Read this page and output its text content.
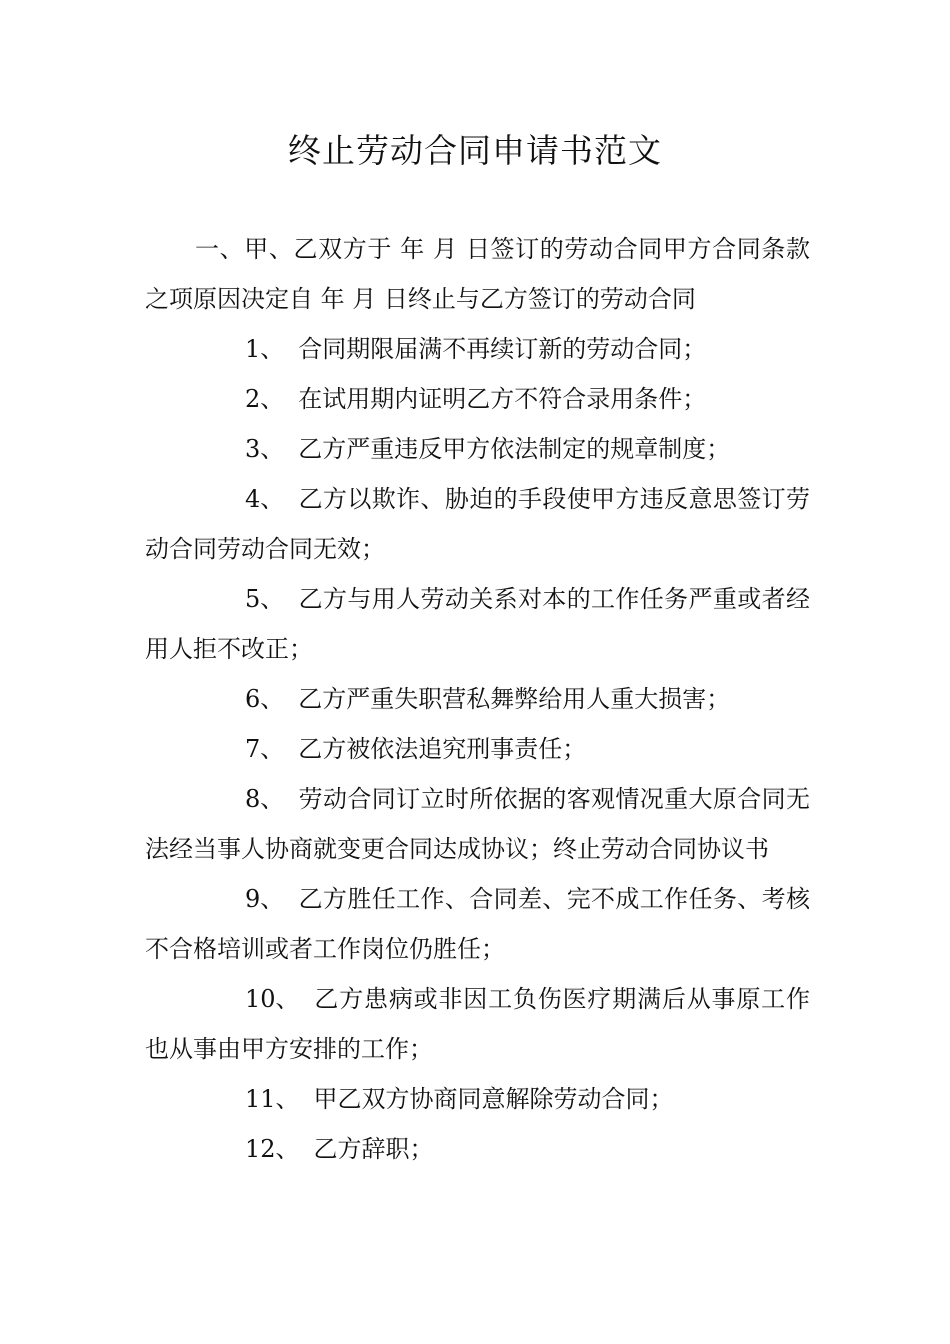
终止劳动合同申请书范文

一、甲、乙双方于 年 月 日签订的劳动合同甲方合同条款之项原因决定自 年 月 日终止与乙方签订的劳动合同

1、 合同期限届满不再续订新的劳动合同；

2、 在试用期内证明乙方不符合录用条件；

3、 乙方严重违反甲方依法制定的规章制度；

4、 乙方以欺诈、胁迫的手段使甲方违反意思签订劳动合同劳动合同无效；

5、 乙方与用人劳动关系对本的工作任务严重或者经用人拒不改正；

6、 乙方严重失职营私舞弊给用人重大损害；

7、 乙方被依法追究刑事责任；

8、 劳动合同订立时所依据的客观情况重大原合同无法经当事人协商就变更合同达成协议；终止劳动合同协议书

9、 乙方胜任工作、合同差、完不成工作任务、考核不合格培训或者工作岗位仍胜任；

10、 乙方患病或非因工负伤医疗期满后从事原工作也从事由甲方安排的工作；

11、 甲乙双方协商同意解除劳动合同；

12、 乙方辞职；
